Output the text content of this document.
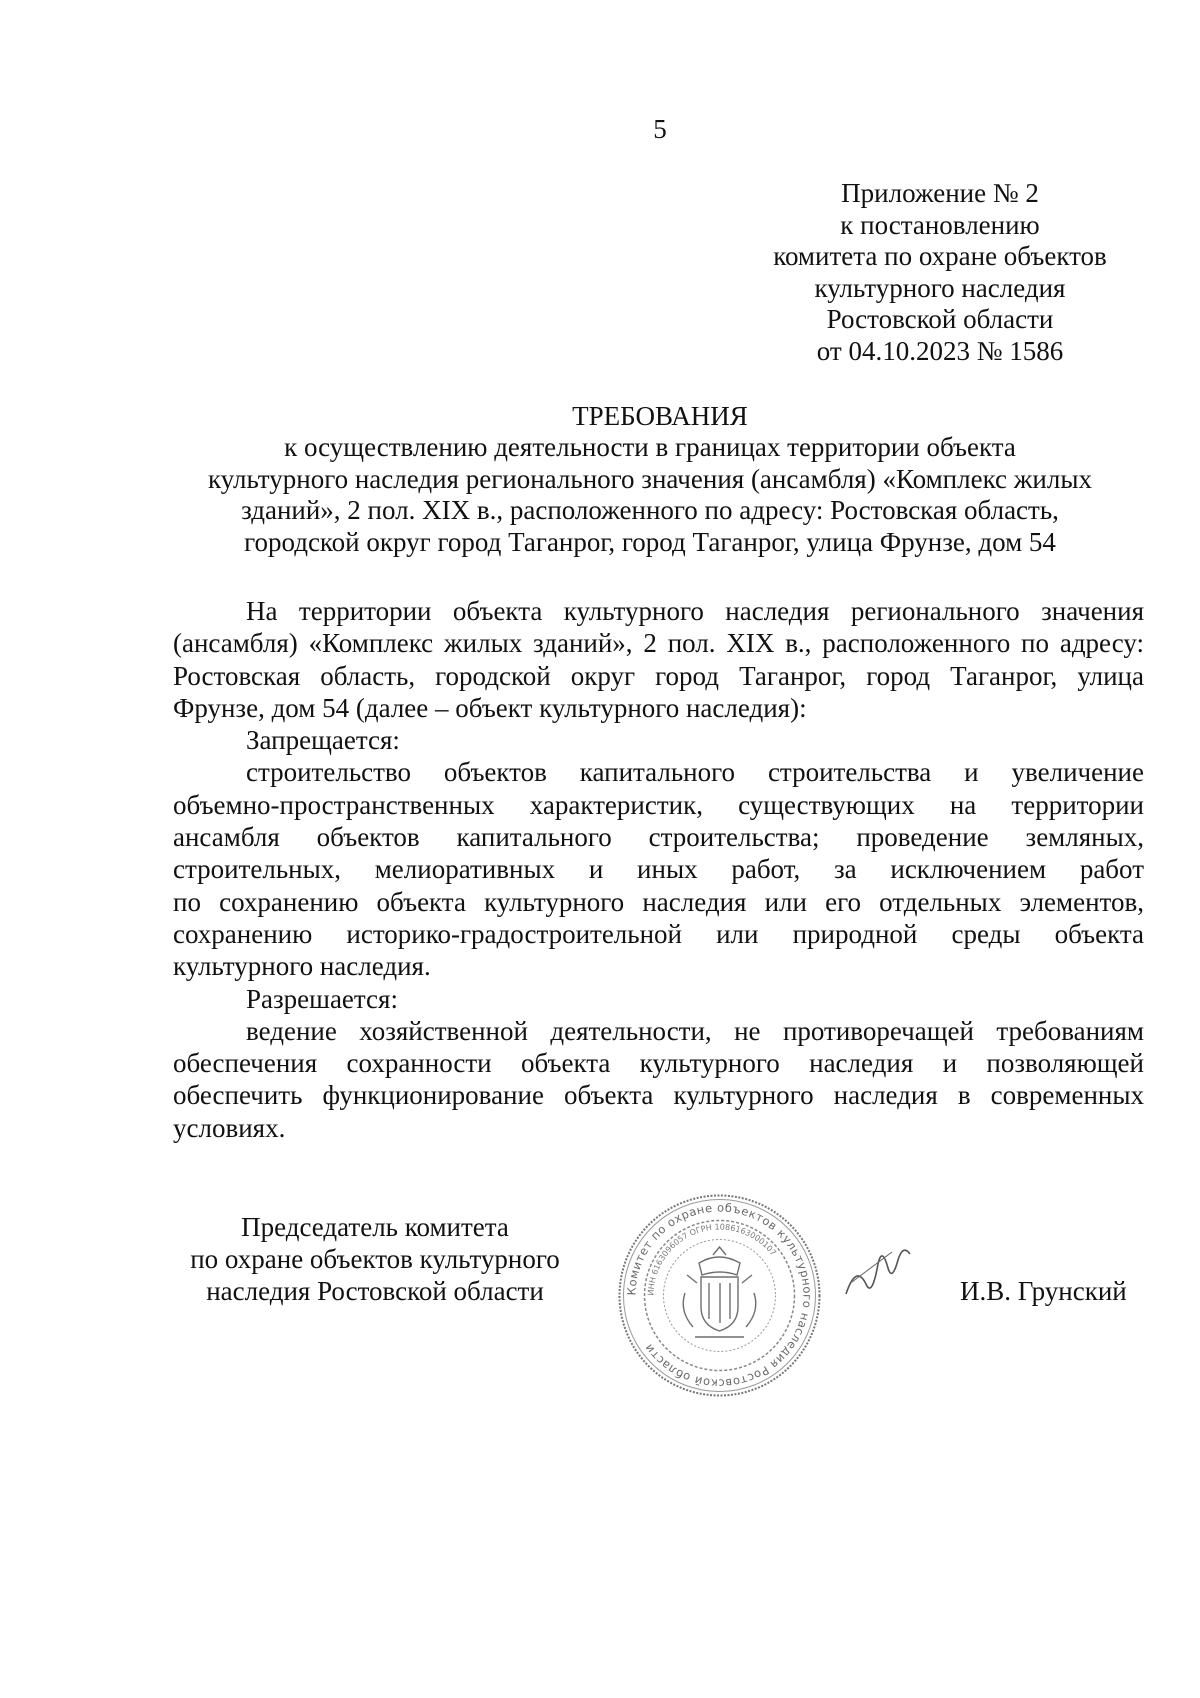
5
Приложение № 2
к постановлению
комитета по охране объектов
культурного наследия
Ростовской области
от 04.10.2023 № 1586
ТРЕБОВАНИЯ
к осуществлению деятельности в границах территории объекта
культурного наследия регионального значения (ансамбля) «Комплекс жилых
зданий», 2 пол. XIX в., расположенного по адресу: Ростовская область,
городской округ город Таганрог, город Таганрог, улица Фрунзе, дом 54
На территории объекта культурного наследия регионального значения
(ансамбля) «Комплекс жилых зданий», 2 пол. XIX в., расположенного по адресу:
Ростовская область, городской округ город Таганрог, город Таганрог, улица
Фрунзе, дом 54 (далее – объект культурного наследия):
Запрещается:
строительство объектов капитального строительства и увеличение
объемно-пространственных характеристик, существующих на территории
ансамбля объектов капитального строительства; проведение земляных,
строительных, мелиоративных и иных работ, за исключением работ
по сохранению объекта культурного наследия или его отдельных элементов,
сохранению историко-градостроительной или природной среды объекта
культурного наследия.
Разрешается:
ведение хозяйственной деятельности, не противоречащей требованиям
обеспечения сохранности объекта культурного наследия и позволяющей
обеспечить функционирование объекта культурного наследия в современных
условиях.
Председатель комитета
по охране объектов культурного
наследия Ростовской области	Комитет по охране объектов культурного наследия Ростовской области
ИНН 6163096057 ОГРН 1086163000107
И.В. Грунский
